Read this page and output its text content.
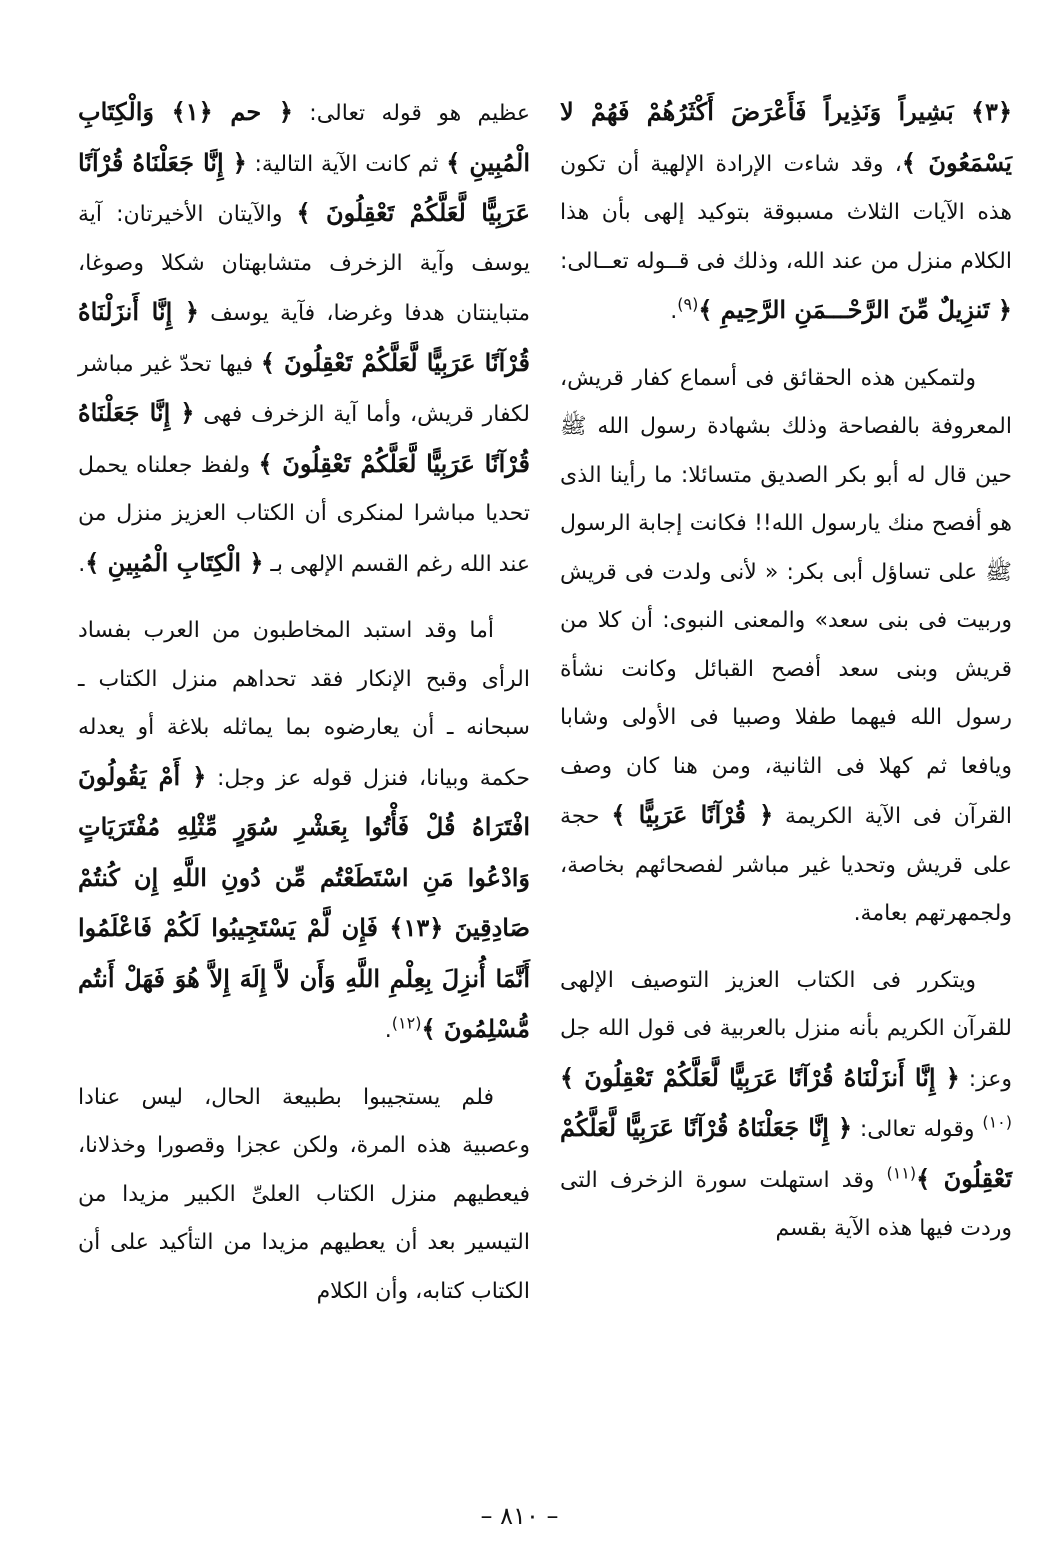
﴿٣﴾ بَشِيراً وَنَذِيراً فَأَعْرَضَ أَكْثَرُهُمْ فَهُمْ لا يَسْمَعُونَ ﴾، وقد شاءت الإرادة الإلهية أن تكون هذه الآيات الثلاث مسبوقة بتوكيد إلهى بأن هذا الكلام منزل من عند الله، وذلك فى قــوله تعــالى: ﴿ تَنزِيلٌ مِّنَ الرَّحْـــمَنِ الرَّحِيمِ ﴾$^{(٩)}$.

ولتمكين هذه الحقائق فى أسماع كفار قريش، المعروفة بالفصاحة وذلك بشهادة رسول الله ﷺ حين قال له أبو بكر الصديق متسائلا: ما رأينا الذى هو أفصح منك يارسول الله!! فكانت إجابة الرسول ﷺ على تساؤل أبى بكر: « لأنى ولدت فى قريش وربيت فى بنى سعد» والمعنى النبوى: أن كلا من قريش وبنى سعد أفصح القبائل وكانت نشأة رسول الله فيهما طفلا وصبيا فى الأولى وشابا ويافعا ثم كهلا فى الثانية، ومن هنا كان وصف القرآن فى الآية الكريمة ﴿ قُرْآنًا عَرَبِيًّا ﴾ حجة على قريش وتحديا غير مباشر لفصحائهم بخاصة، ولجمهرتهم بعامة.

ويتكرر فى الكتاب العزيز التوصيف الإلهى للقرآن الكريم بأنه منزل بالعربية فى قول الله جل وعز: ﴿ إِنَّا أَنزَلْنَاهُ قُرْآنًا عَرَبِيًّا لَّعَلَّكُمْ تَعْقِلُونَ ﴾$^{(١٠)}$ وقوله تعالى: ﴿ إِنَّا جَعَلْنَاهُ قُرْآنًا عَرَبِيًّا لَّعَلَّكُمْ تَعْقِلُونَ ﴾$^{(١١)}$ وقد استهلت سورة الزخرف التى وردت فيها هذه الآية بقسم

عظيم هو قوله تعالى: ﴿ حم ﴿١﴾ وَالْكِتَابِ الْمُبِينِ ﴾ ثم كانت الآية التالية: ﴿ إِنَّا جَعَلْنَاهُ قُرْآنًا عَرَبِيًّا لَّعَلَّكُمْ تَعْقِلُونَ ﴾ والآيتان الأخيرتان: آية يوسف وآية الزخرف متشابهتان شكلا وصوغا، متباينتان هدفا وغرضا، فآية يوسف ﴿ إِنَّا أَنزَلْنَاهُ قُرْآنًا عَرَبِيًّا لَّعَلَّكُمْ تَعْقِلُونَ ﴾ فيها تحدّ غير مباشر لكفار قريش، وأما آية الزخرف فهى ﴿ إِنَّا جَعَلْنَاهُ قُرْآنًا عَرَبِيًّا لَّعَلَّكُمْ تَعْقِلُونَ ﴾ ولفظ جعلناه يحمل تحديا مباشرا لمنكرى أن الكتاب العزيز منزل من عند الله رغم القسم الإلهى بـ ﴿ الْكِتَابِ الْمُبِينِ ﴾.

أما وقد استبد المخاطبون من العرب بفساد الرأى وقبح الإنكار فقد تحداهم منزل الكتاب ـ سبحانه ـ أن يعارضوه بما يماثله بلاغة أو يعدله حكمة وبيانا، فنزل قوله عز وجل: ﴿ أَمْ يَقُولُونَ افْتَرَاهُ قُلْ فَأْتُوا بِعَشْرِ سُوَرٍ مِّثْلِهِ مُفْتَرَيَاتٍ وَادْعُوا مَنِ اسْتَطَعْتُم مِّن دُونِ اللَّهِ إِن كُنتُمْ صَادِقِينَ ﴿١٣﴾ فَإِن لَّمْ يَسْتَجِيبُوا لَكُمْ فَاعْلَمُوا أَنَّمَا أُنزِلَ بِعِلْمِ اللَّهِ وَأَن لاَّ إِلَهَ إِلاَّ هُوَ فَهَلْ أَنتُم مُّسْلِمُونَ ﴾$^{(١٢)}$.

فلم يستجيبوا بطبيعة الحال، ليس عنادا وعصبية هذه المرة، ولكن عجزا وقصورا وخذلانا، فيعطيهم منزل الكتاب العلىِّ الكبير مزيدا من التيسير بعد أن يعطيهم مزيدا من التأكيد على أن الكتاب كتابه، وأن الكلام

– ٨١٠ –
